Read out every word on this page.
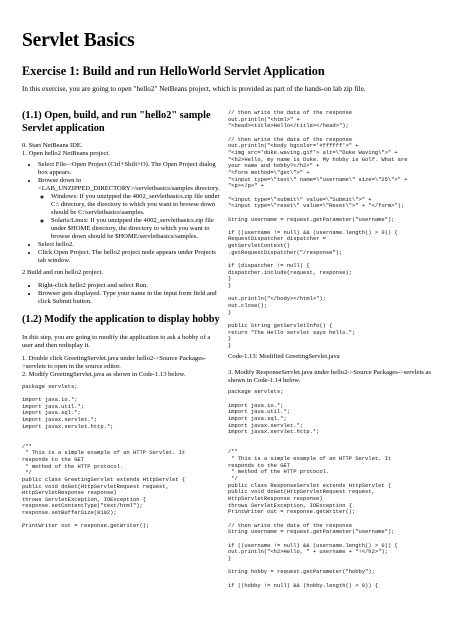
Servlet Basics
Exercise 1: Build and run HelloWorld Servlet Application
In this exercise, you are going to open "hello2" NetBeans project, which is provided as part of the hands-on lab zip file.
(1.1) Open, build, and run "hello2" sample Servlet application

0. Start NetBeans IDE.

1. Open hello2 NetBeans project.

• Select File->Open Project (Ctrl+Shift+O). The Open Project dialog box appears.
• Browse down to <LAB_UNZIPPED_DIRECTORY>/servletbasics/samples directory.
◦ Windows: If you unzipped the 4002_servletbasics.zip file under C:\ directory, the directory to which you want to browse down should be C:\servletbasics\samples.
◦ Solaris/Linux: If you unzipped the 4002_servletbasics.zip file under $HOME directory, the directory to which you want to browse down should be $HOME/servletbasics/samples.
• Select hello2.
• Click Open Project. The hello2 project node appears under Projects tab window.

2 Build and run hello2 project.

• Right-click hello2 project and select Run.
• Browser gets displayed. Type your name in the input form field and click Submit button.
(1.2) Modify the application to display hobby

In this step, you are going to modify the application to ask a hobby of a user and then redisplay it.

1. Double click GreetingServlet.java under hello2->Source Packages->servlets to open in the source editor.

2. Modify GreetingServlet.java as shown in Code-1.13 below.

package servlets;

import java.io.*;
import java.util.*;
import java.sql.*;
import javax.servlet.*;
import javax.servlet.http.*;

/**
* This is a simple example of an HTTP Servlet. It
responds to the GET
* method of the HTTP protocol.
*/
public class GreetingServlet extends HttpServlet {
public void doGet(HttpServletRequest request,
HttpServletResponse response)
throws ServletException, IOException {
response.setContentType("text/html");
response.setBufferSize(8192);

PrintWriter out = response.getWriter();
// then write the data of the response
out.println("<html>" +
"<head><title>Hello</title></head>");

// then write the data of the response
out.println("<body bgcolor='#ffffff'>" +
"<img src='duke.waving.gif'> alt=\"Duke Waving\">" +
"<h2>Hello, my name is Duke. My hobby is Golf. What are
your name and hobby?</h2>" +
"<form method=\"get\">" +
"<input type=\"text\" name=\"username\" size=\"25\">" +
"<p></p>" +

"<input type=\"submit\" value=\"Submit\">" +
"<input type=\"reset\" value=\"Reset\">" + "</form>");

String username = request.getParameter("username");

if ((username != null) && (username.length() > 0)) {
RequestDispatcher dispatcher =
getServletContext()
.getRequestDispatcher("/response");

if (dispatcher != null) {
dispatcher.include(request, response);
}
}

out.println("</body></html>");
out.close();
}

public String getServletInfo() {
return "The Hello servlet says hello.";
}
}

Code-1.13: Modified GreetingServlet.java

3. Modify ResponseServlet.java under hello2->Source Packages->servlets as shown in Code-1.14 below.

package servlets;

import java.io.*;
import java.util.*;
import java.sql.*;
import javax.servlet.*;
import javax.servlet.http.*;

/**
* This is a simple example of an HTTP Servlet. It
responds to the GET
* method of the HTTP protocol.
*/
public class ResponseServlet extends HttpServlet {
public void doGet(HttpServletRequest request,
HttpServletResponse response)
throws ServletException, IOException {
PrintWriter out = response.getWriter();

// then write the data of the response
String username = request.getParameter("username");

if ((username != null) && (username.length() > 0)) {
out.println("<h2>Hello, " + username + "!</h2>");
}

String hobby = request.getParameter("hobby");

if ((hobby != null) && (hobby.length() > 0)) {
